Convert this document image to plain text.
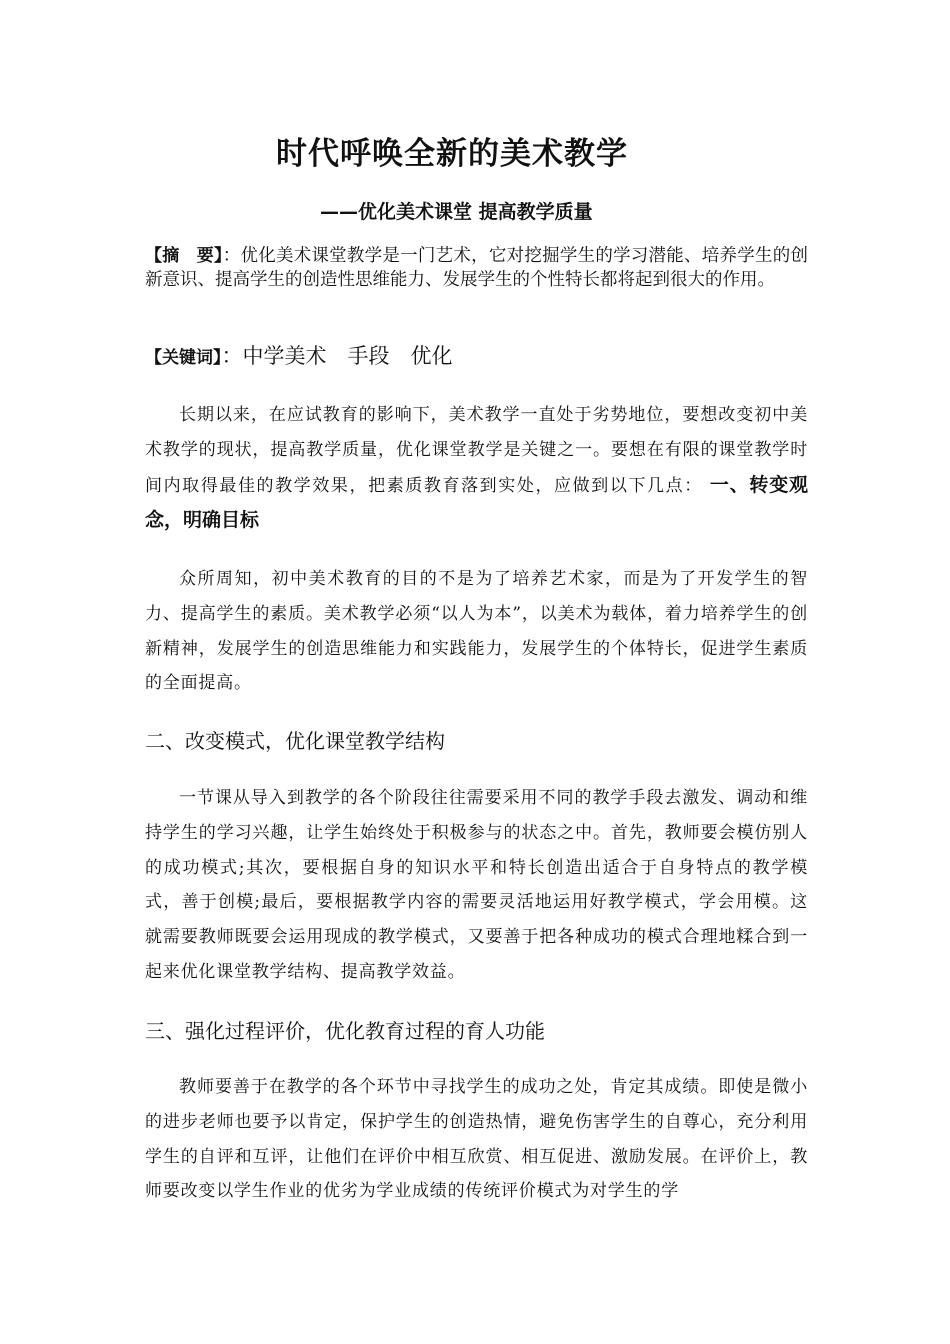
时代呼唤全新的美术教学
——优化美术课堂 提高教学质量
【摘　要】：优化美术课堂教学是一门艺术，它对挖掘学生的学习潜能、培养学生的创新意识、提高学生的创造性思维能力、发展学生的个性特长都将起到很大的作用。
【关键词】：中学美术　手段　优化

长期以来，在应试教育的影响下，美术教学一直处于劣势地位，要想改变初中美术教学的现状，提高教学质量，优化课堂教学是关键之一。要想在有限的课堂教学时间内取得最佳的教学效果，把素质教育落到实处，应做到以下几点： 一、转变观念，明确目标

众所周知，初中美术教育的目的不是为了培养艺术家，而是为了开发学生的智力、提高学生的素质。美术教学必须“以人为本”，以美术为载体，着力培养学生的创新精神，发展学生的创造思维能力和实践能力，发展学生的个体特长，促进学生素质的全面提高。

二、改变模式，优化课堂教学结构

一节课从导入到教学的各个阶段往往需要采用不同的教学手段去激发、调动和维持学生的学习兴趣，让学生始终处于积极参与的状态之中。首先，教师要会模仿别人的成功模式;其次，要根据自身的知识水平和特长创造出适合于自身特点的教学模式，善于创模;最后，要根据教学内容的需要灵活地运用好教学模式，学会用模。这就需要教师既要会运用现成的教学模式，又要善于把各种成功的模式合理地糅合到一起来优化课堂教学结构、提高教学效益。

三、强化过程评价，优化教育过程的育人功能

教师要善于在教学的各个环节中寻找学生的成功之处，肯定其成绩。即使是微小的进步老师也要予以肯定，保护学生的创造热情，避免伤害学生的自尊心，充分利用学生的自评和互评，让他们在评价中相互欣赏、相互促进、激励发展。在评价上，教师要改变以学生作业的优劣为学业成绩的传统评价模式为对学生的学
